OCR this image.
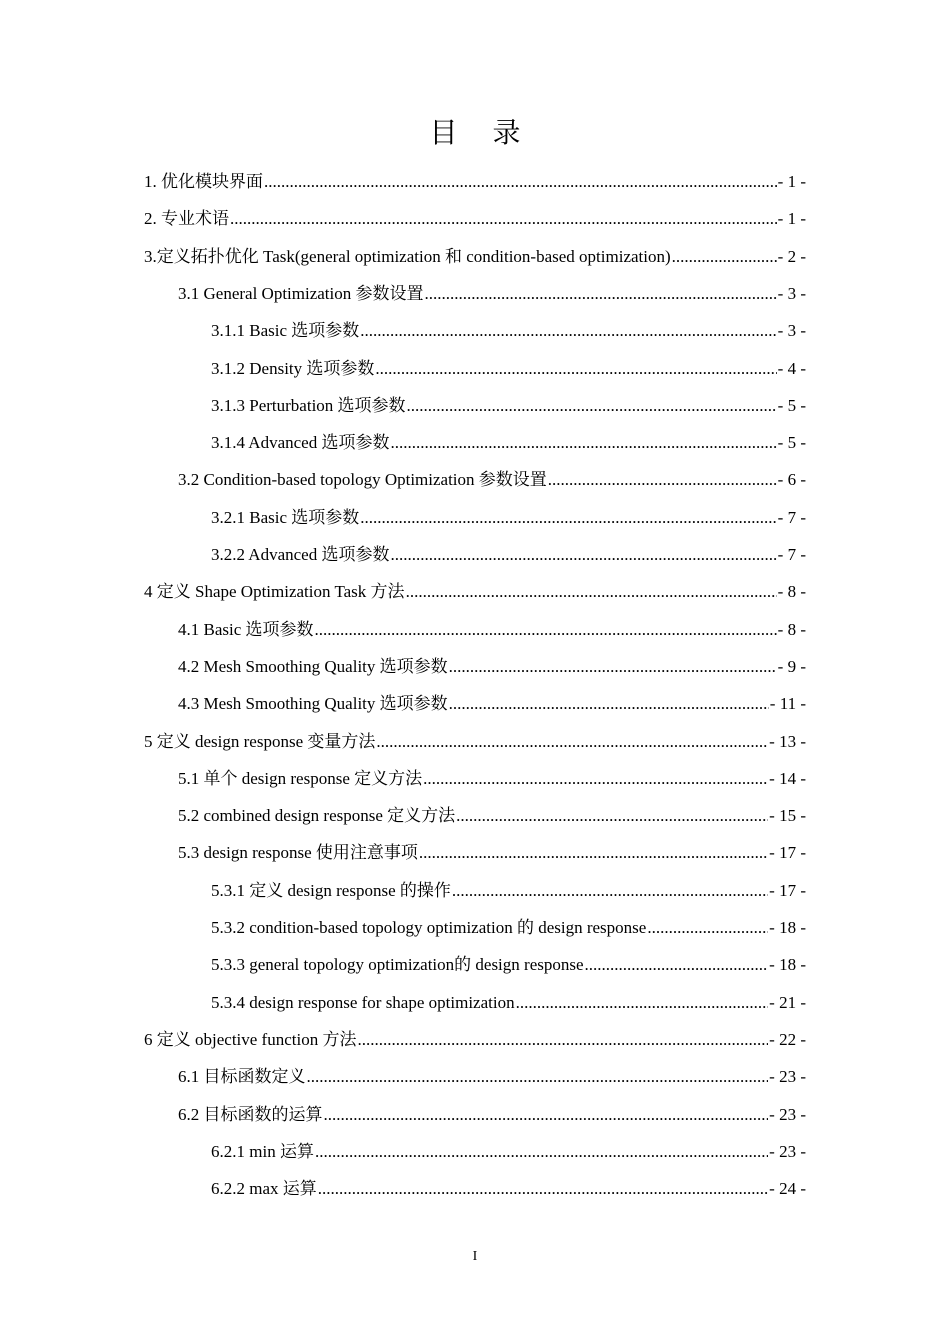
目 录
1. 优化模块界面 .....	- 1 -
2. 专业术语 .....	- 1 -
3.定义拓扑优化 Task(general optimization 和 condition-based optimization) .....	- 2 -
3.1 General Optimization 参数设置 .....	- 3 -
3.1.1 Basic 选项参数 .....	- 3 -
3.1.2 Density 选项参数 .....	- 4 -
3.1.3 Perturbation 选项参数 .....	- 5 -
3.1.4 Advanced 选项参数 .....	- 5 -
3.2 Condition-based topology Optimization 参数设置 .....	- 6 -
3.2.1 Basic 选项参数 .....	- 7 -
3.2.2 Advanced 选项参数 .....	- 7 -
4 定义 Shape Optimization Task 方法 .....	- 8 -
4.1 Basic 选项参数 .....	- 8 -
4.2 Mesh Smoothing Quality 选项参数 .....	- 9 -
4.3 Mesh Smoothing Quality 选项参数 .....	- 11 -
5 定义 design response 变量方法 .....	- 13 -
5.1 单个 design response 定义方法 .....	- 14 -
5.2 combined design response 定义方法 .....	- 15 -
5.3 design response 使用注意事项 .....	- 17 -
5.3.1 定义 design response 的操作 .....	- 17 -
5.3.2 condition-based topology optimization 的 design response .....	- 18 -
5.3.3 general topology optimization的 design response .....	- 18 -
5.3.4 design response for shape optimization .....	- 21 -
6 定义 objective function 方法 .....	- 22 -
6.1 目标函数定义 .....	- 23 -
6.2 目标函数的运算 .....	- 23 -
6.2.1 min 运算 .....	- 23 -
6.2.2 max 运算 .....	- 24 -
I
